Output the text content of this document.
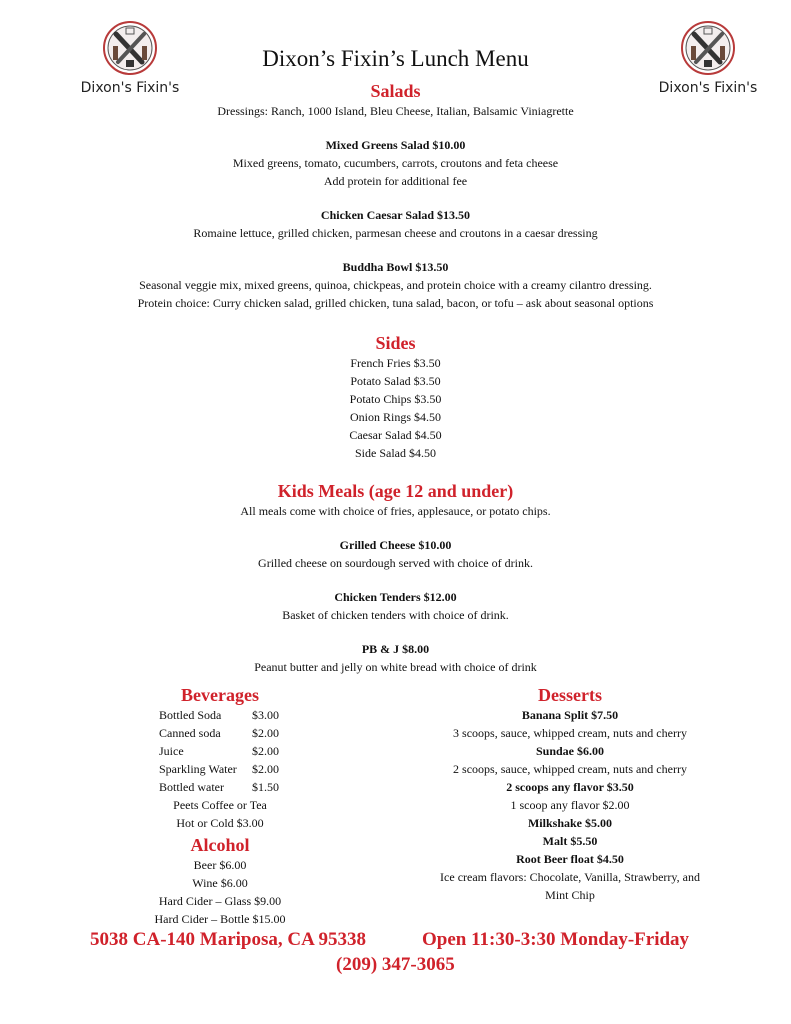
Dixon's Fixin's	Dixon's Fixin's
Dixon’s Fixin’s Lunch Menu
Salads
Dressings: Ranch, 1000 Island, Bleu Cheese, Italian, Balsamic Viniagrette
Mixed Greens Salad $10.00
Mixed greens, tomato, cucumbers, carrots, croutons and feta cheese
Add protein for additional fee
Chicken Caesar Salad $13.50
Romaine lettuce, grilled chicken, parmesan cheese and croutons in a caesar dressing
Buddha Bowl $13.50
Seasonal veggie mix, mixed greens, quinoa, chickpeas, and protein choice with a creamy cilantro dressing.
Protein choice: Curry chicken salad, grilled chicken, tuna salad, bacon, or tofu – ask about seasonal options
Sides
French Fries $3.50
Potato Salad $3.50
Potato Chips $3.50
Onion Rings $4.50
Caesar Salad $4.50
Side Salad $4.50
Kids Meals (age 12 and under)
All meals come with choice of fries, applesauce, or potato chips.
Grilled Cheese $10.00
Grilled cheese on sourdough served with choice of drink.
Chicken Tenders $12.00
Basket of chicken tenders with choice of drink.
PB & J $8.00
Peanut butter and jelly on white bread with choice of drink
Beverages
Bottled Soda	$3.00
Canned soda	$2.00
Juice	$2.00
Sparkling Water	$2.00
Bottled water	$1.50
Peets Coffee or Tea
Hot or Cold $3.00
Alcohol
Beer $6.00
Wine $6.00
Hard Cider – Glass $9.00
Hard Cider – Bottle $15.00
Desserts
Banana Split $7.50
3 scoops, sauce, whipped cream, nuts and cherry
Sundae $6.00
2 scoops, sauce, whipped cream, nuts and cherry
2 scoops any flavor $3.50
1 scoop any flavor $2.00
Milkshake $5.00
Malt $5.50
Root Beer float $4.50
Ice cream flavors: Chocolate, Vanilla, Strawberry, and
Mint Chip
5038 CA-140 Mariposa, CA 95338	Open 11:30-3:30 Monday-Friday
(209) 347-3065
